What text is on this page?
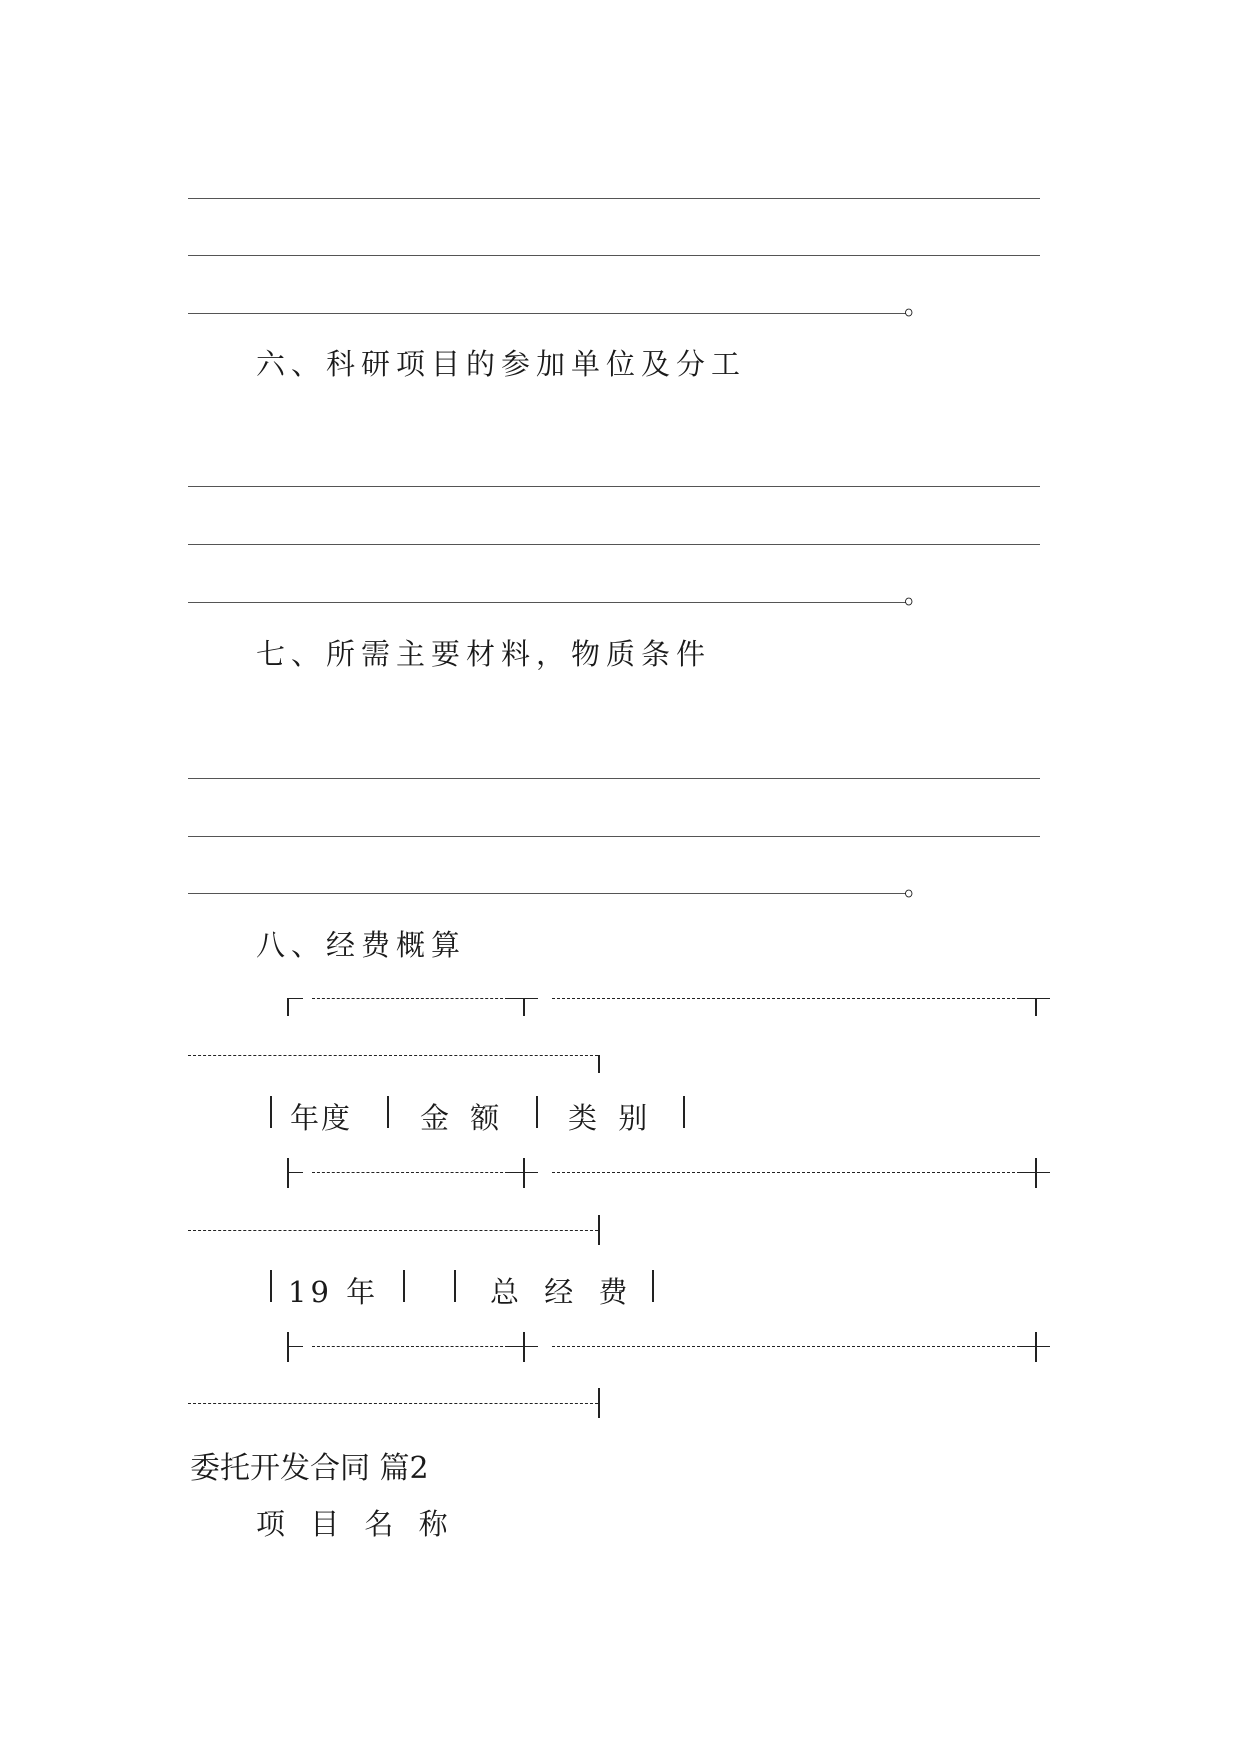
。
六、科研项目的参加单位及分工
。
七、所需主要材料，物质条件
。
八、经费概算
年度 金 额 类 别
19 年	总 经 费
委托开发合同 篇2
项 目 名 称
